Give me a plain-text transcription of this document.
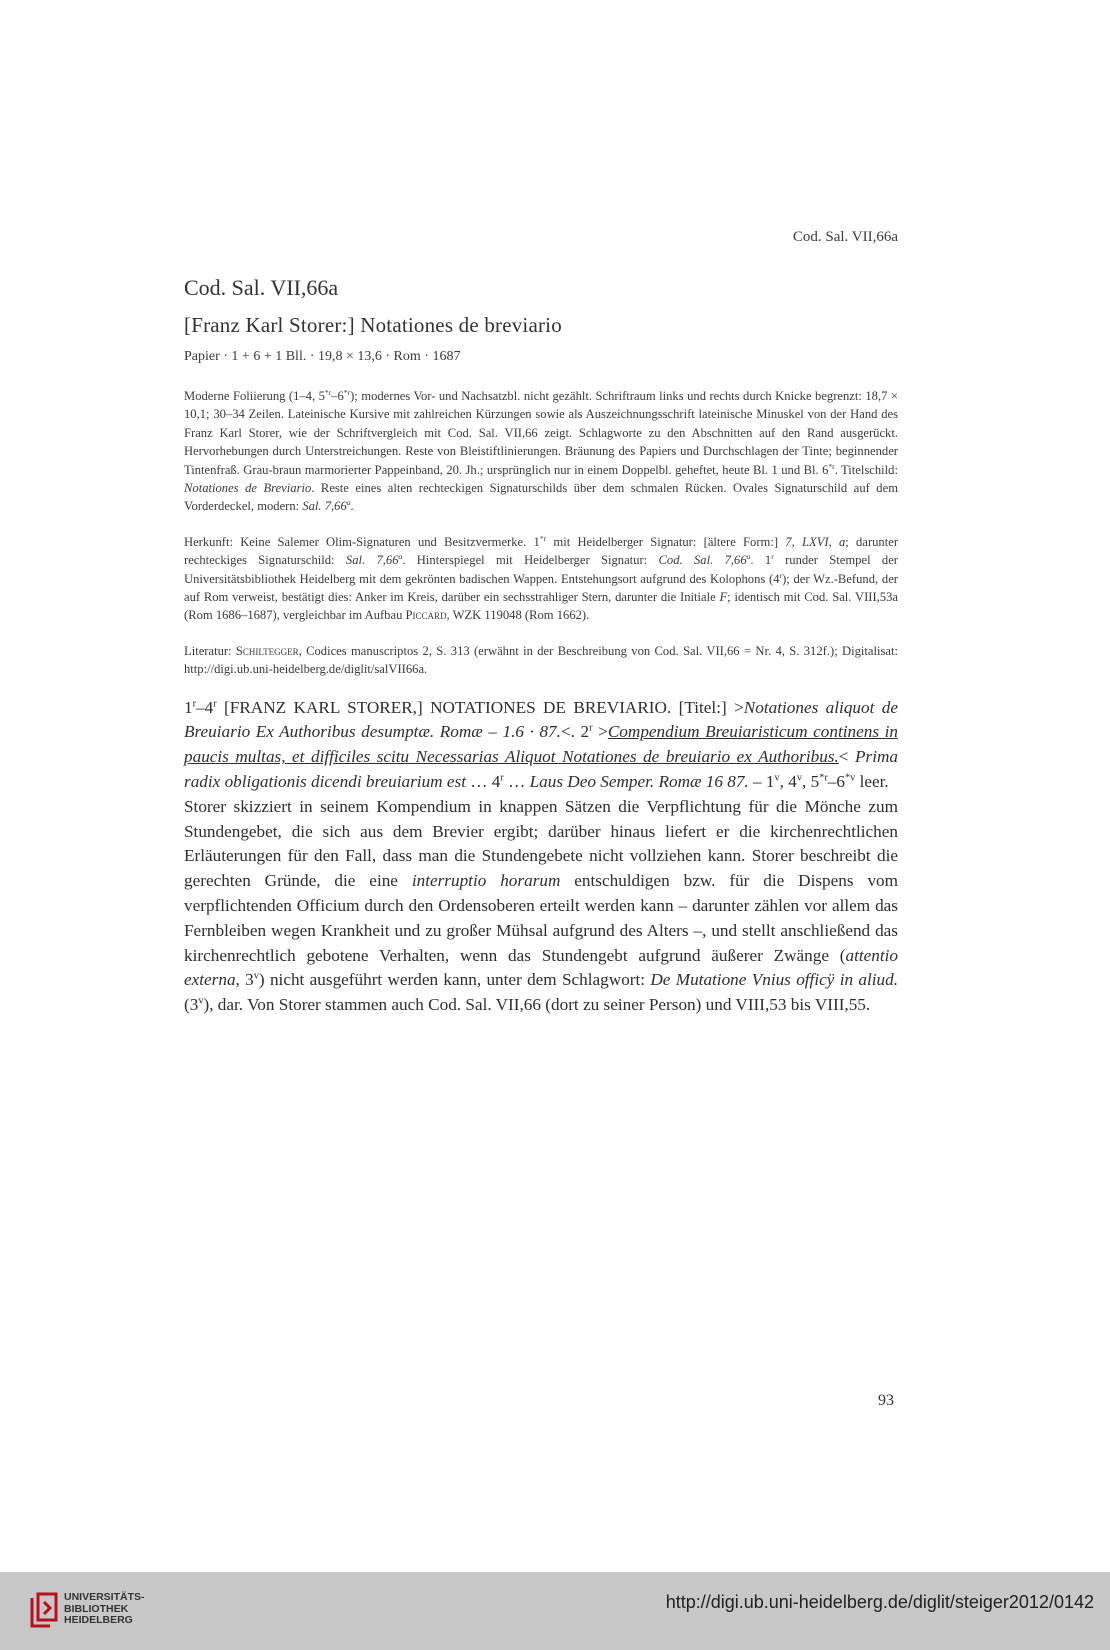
Cod. Sal. VII,66a
Cod. Sal. VII,66a
[Franz Karl Storer:] Notationes de breviario
Papier · 1 + 6 + 1 Bll. · 19,8 × 13,6 · Rom · 1687

Moderne Foliierung (1–4, 5$^{*r}$–6$^{*r}$); modernes Vor- und Nachsatzbl. nicht gezählt. Schriftraum links und rechts durch Knicke begrenzt: 18,7 × 10,1; 30–34 Zeilen. Lateinische Kursive mit zahlreichen Kürzungen sowie als Auszeichnungsschrift lateinische Minuskel von der Hand des Franz Karl Storer, wie der Schriftvergleich mit Cod. Sal. VII,66 zeigt. Schlagworte zu den Abschnitten auf den Rand ausgerückt. Hervorhebungen durch Unterstreichungen. Reste von Bleistiftlinierungen. Bräunung des Papiers und Durchschlagen der Tinte; beginnender Tintenfraß. Grau-braun marmorierter Pappeinband, 20. Jh.; ursprünglich nur in einem Doppelbl. geheftet, heute Bl. 1 und Bl. 6$^{*r}$. Titelschild: Notationes de Breviario. Reste eines alten rechteckigen Signaturschilds über dem schmalen Rücken. Ovales Signaturschild auf dem Vorderdeckel, modern: Sal. 7,66$^a$.

Herkunft: Keine Salemer Olim-Signaturen und Besitzvermerke. 1$^{*r}$ mit Heidelberger Signatur: [ältere Form:] 7, LXVI, a; darunter rechteckiges Signaturschild: Sal. 7,66$^a$. Hinterspiegel mit Heidelberger Signatur: Cod. Sal. 7,66$^a$. 1$^r$ runder Stempel der Universitätsbibliothek Heidelberg mit dem gekrönten badischen Wappen. Entstehungsort aufgrund des Kolophons (4$^r$); der Wz.-Befund, der auf Rom verweist, bestätigt dies: Anker im Kreis, darüber ein sechsstrahliger Stern, darunter die Initiale F; identisch mit Cod. Sal. VIII,53a (Rom 1686–1687), vergleichbar im Aufbau Piccard, WZK 119048 (Rom 1662).

Literatur: Schiltegger, Codices manuscriptos 2, S. 313 (erwähnt in der Beschreibung von Cod. Sal. VII,66 = Nr. 4, S. 312f.); Digitalisat: http://digi.ub.uni-heidelberg.de/diglit/salVII66a.

1$^r$–4$^r$ [FRANZ KARL STORER,] NOTATIONES DE BREVIARIO. [Titel:] >Notationes aliquot de Breuiario Ex Authoribus desumptæ. Romæ – 1.6 · 87.<. $2^r$ >Compendium Breuiaristicum continens in paucis multas, et difficiles scitu Necessarias Aliquot Notationes de breuiario ex Authoribus.< Prima radix obligationis dicendi breuiarium est … 4$^r$ … Laus Deo Semper. Romæ 16 87. – 1$^v$, 4$^v$, 5$^{*r}$–6$^{*v}$ leer.

Storer skizziert in seinem Kompendium in knappen Sätzen die Verpflichtung für die Mönche zum Stundengebet, die sich aus dem Brevier ergibt; darüber hinaus liefert er die kirchenrechtlichen Erläuterungen für den Fall, dass man die Stundengebete nicht vollziehen kann. Storer beschreibt die gerechten Gründe, die eine interruptio horarum entschuldigen bzw. für die Dispens vom verpflichtenden Officium durch den Ordensoberen erteilt werden kann – darunter zählen vor allem das Fernbleiben wegen Krankheit und zu großer Mühsal aufgrund des Alters –, und stellt anschließend das kirchenrechtlich gebotene Verhalten, wenn das Stundengebt aufgrund äußerer Zwänge (attentio externa, 3$^v$) nicht ausgeführt werden kann, unter dem Schlagwort: De Mutatione Vnius officÿ in aliud. (3$^v$), dar. Von Storer stammen auch Cod. Sal. VII,66 (dort zu seiner Person) und VIII,53 bis VIII,55.

93
UNIVERSITÄTS-
BIBLIOTHEK
HEIDELBERG
http://digi.ub.uni-heidelberg.de/diglit/steiger2012/0142
